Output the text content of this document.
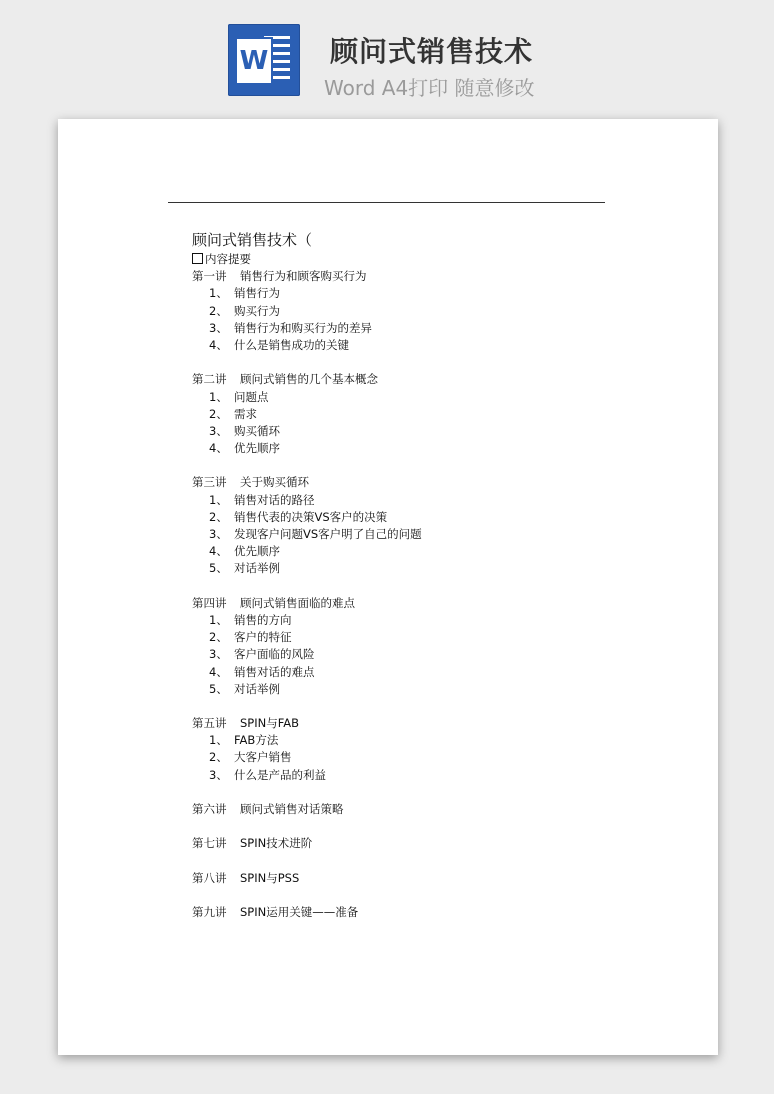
W 顾问式销售技术
Word A4打印 随意修改
顾问式销售技术（
内容提要
第一讲 销售行为和顾客购买行为
1、 销售行为
2、 购买行为
3、 销售行为和购买行为的差异
4、 什么是销售成功的关键
第二讲 顾问式销售的几个基本概念
1、 问题点
2、 需求
3、 购买循环
4、 优先顺序
第三讲 关于购买循环
1、 销售对话的路径
2、 销售代表的决策VS客户的决策
3、 发现客户问题VS客户明了自己的问题
4、 优先顺序
5、 对话举例
第四讲 顾问式销售面临的难点
1、 销售的方向
2、 客户的特征
3、 客户面临的风险
4、 销售对话的难点
5、 对话举例
第五讲 SPIN与FAB
1、 FAB方法
2、 大客户销售
3、 什么是产品的利益
第六讲 顾问式销售对话策略
第七讲 SPIN技术进阶
第八讲 SPIN与PSS
第九讲 SPIN运用关键——准备
